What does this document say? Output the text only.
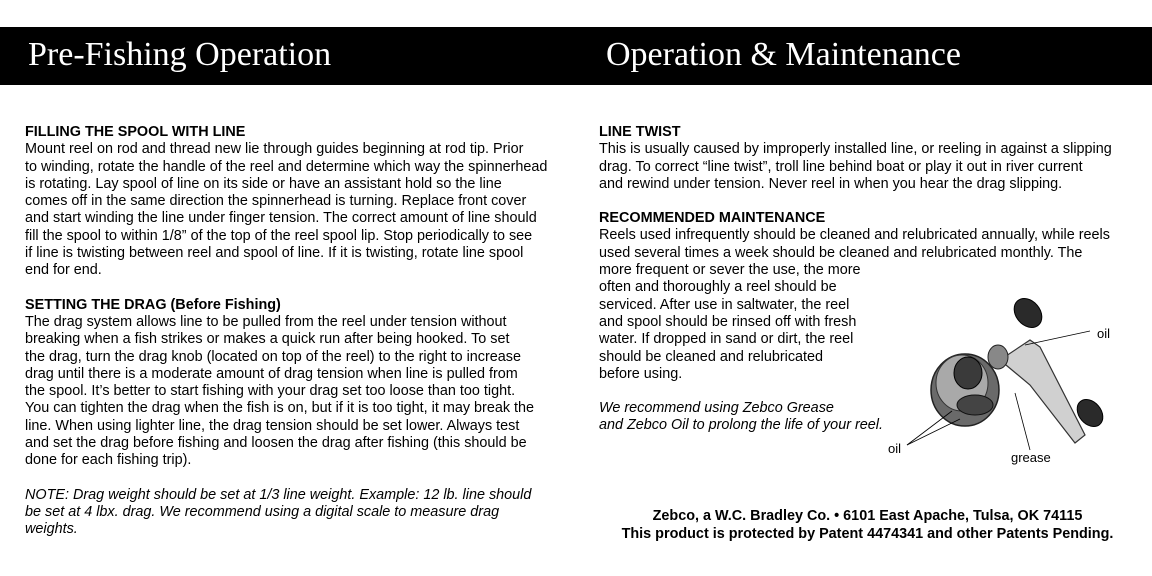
Pre-Fishing Operation	Operation & Maintenance
FILLING THE SPOOL WITH LINE
Mount reel on rod and thread new lie through guides beginning at rod tip. Prior
to winding, rotate the handle of the reel and determine which way the spinnerhead
is rotating. Lay spool of line on its side or have an assistant hold so the line
comes off in the same direction the spinnerhead is turning. Replace front cover
and start winding the line under finger tension. The correct amount of line should
fill the spool to within 1/8” of the top of the reel spool lip. Stop periodically to see
if line is twisting between reel and spool of line. If it is twisting, rotate line spool
end for end.
SETTING THE DRAG (Before Fishing)
The drag system allows line to be pulled from the reel under tension without
breaking when a fish strikes or makes a quick run after being hooked. To set
the drag, turn the drag knob (located on top of the reel) to the right to increase
drag until there is a moderate amount of drag tension when line is pulled from
the spool. It’s better to start fishing with your drag set too loose than too tight.
You can tighten the drag when the fish is on, but if it is too tight, it may break the
line. When using lighter line, the drag tension should be set lower. Always test
and set the drag before fishing and loosen the drag after fishing (this should be
done for each fishing trip).
NOTE: Drag weight should be set at 1/3 line weight. Example: 12 lb. line should
be set at 4 lbx. drag. We recommend using a digital scale to measure drag
weights.
LINE TWIST
This is usually caused by improperly installed line, or reeling in against a slipping
drag. To correct “line twist”, troll line behind boat or play it out in river current
and rewind under tension. Never reel in when you hear the drag slipping.
RECOMMENDED MAINTENANCE
Reels used infrequently should be cleaned and relubricated annually, while reels
used several times a week should be cleaned and relubricated monthly. The
more frequent or sever the use, the more
often and thoroughly a reel should be
serviced. After use in saltwater, the reel
and spool should be rinsed off with fresh
water. If dropped in sand or dirt, the reel
should be cleaned and relubricated
before using.
We recommend using Zebco Grease
and Zebco Oil to prolong the life of your reel.
oil
oil
grease
Zebco, a W.C. Bradley Co. • 6101 East Apache, Tulsa, OK 74115
This product is protected by Patent 4474341 and other Patents Pending.
